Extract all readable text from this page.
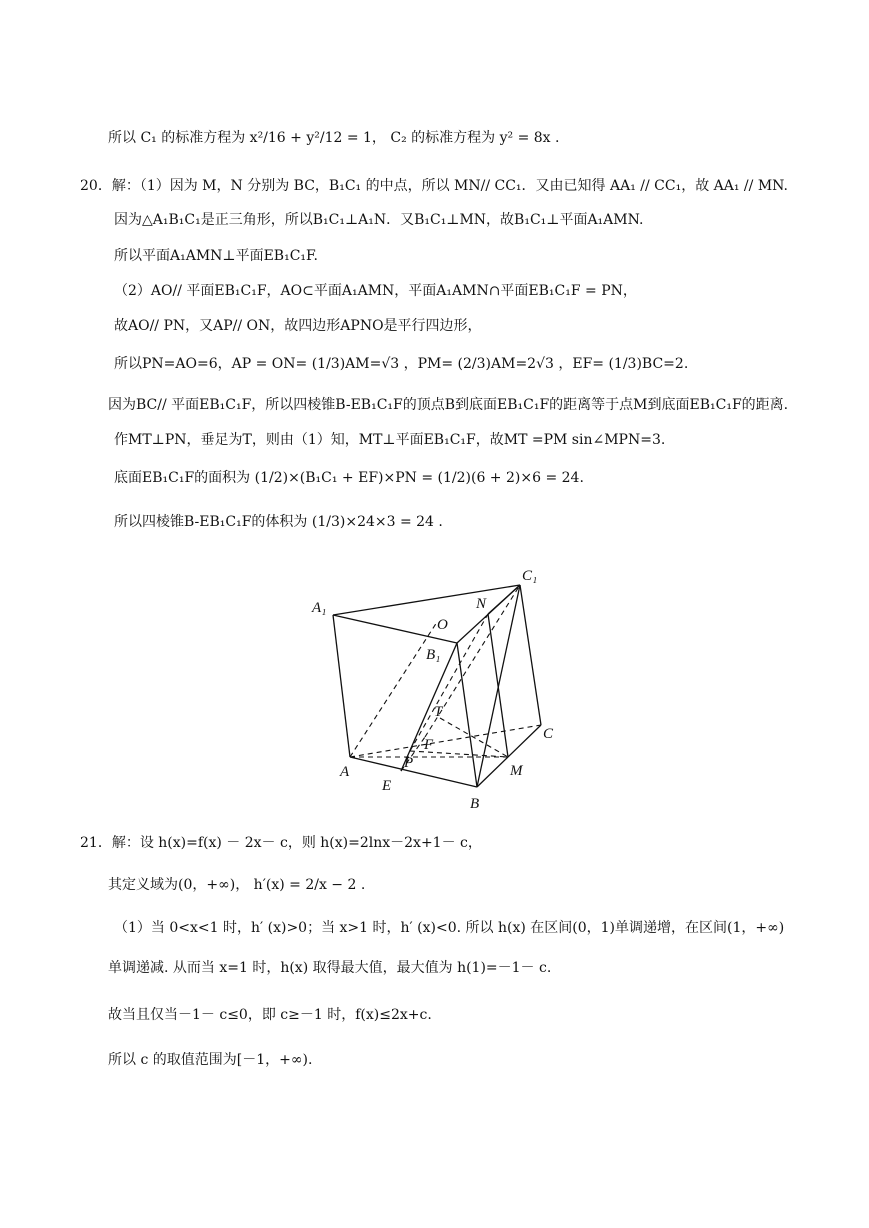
所以 C₁ 的标准方程为 x²/16 + y²/12 = 1， C₂ 的标准方程为 y² = 8x .
20．解：（1）因为 M，N 分别为 BC，B₁C₁ 的中点，所以 MN// CC₁．又由已知得 AA₁ // CC₁，故 AA₁ // MN.
因为△A₁B₁C₁是正三角形，所以B₁C₁⊥A₁N．又B₁C₁⊥MN，故B₁C₁⊥平面A₁AMN.
所以平面A₁AMN⊥平面EB₁C₁F.
（2）AO// 平面EB₁C₁F，AO⊂平面A₁AMN，平面A₁AMN∩平面EB₁C₁F = PN，
故AO// PN，又AP// ON，故四边形APNO是平行四边形，
所以PN=AO=6，AP = ON= (1/3)AM=√3 ，PM= (2/3)AM=2√3 ，EF= (1/3)BC=2.
因为BC// 平面EB₁C₁F，所以四棱锥B-EB₁C₁F的顶点B到底面EB₁C₁F的距离等于点M到底面EB₁C₁F的距离.
作MT⊥PN，垂足为T，则由（1）知，MT⊥平面EB₁C₁F，故MT =PM sin∠MPN=3.
底面EB₁C₁F的面积为 (1/2)×(B₁C₁ + EF)×PN = (1/2)(6 + 2)×6 = 24.
所以四棱锥B-EB₁C₁F的体积为 (1/3)×24×3 = 24 .
A₁
C₁
N
O
B₁
T
F
C
A
P	M
E
B
21．解：设 h(x)=f(x) － 2x－ c，则 h(x)=2lnx－2x+1－ c，
其定义域为(0，+∞)， h′(x) = 2/x − 2 .
（1）当 0<x<1 时，h′ (x)>0；当 x>1 时，h′ (x)<0. 所以 h(x) 在区间(0，1)单调递增，在区间(1，+∞)
单调递减. 从而当 x=1 时，h(x) 取得最大值，最大值为 h(1)=－1－ c.
故当且仅当－1－ c≤0，即 c≥－1 时，f(x)≤2x+c.
所以 c 的取值范围为[－1，+∞).
